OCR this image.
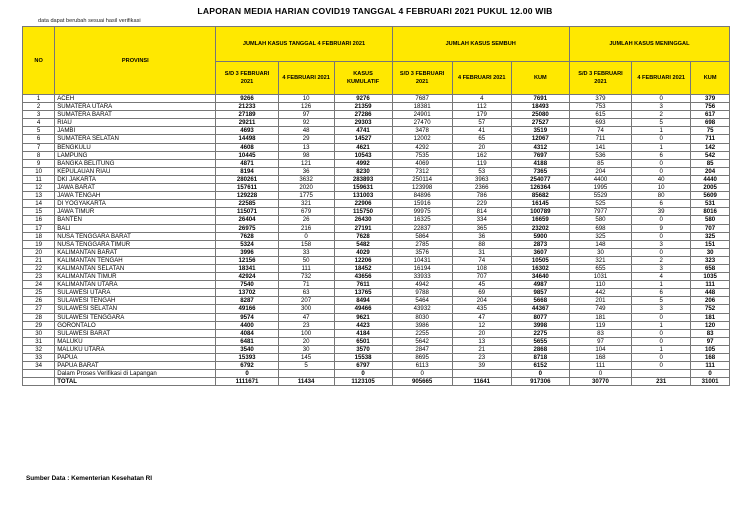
LAPORAN MEDIA HARIAN COVID19 TANGGAL 4 FEBRUARI 2021 PUKUL 12.00 WIB
data dapat berubah sesuai hasil verifikasi
NO	PROVINSI	JUMLAH KASUS TANGGAL 4 FEBRUARI 2021			JUMLAH KASUS SEMBUH			JUMLAH KASUS MENINGGAL		
		S/D 3 FEBRUARI 2021	4 FEBRUARI 2021	KASUS KUMULATIF	S/D 3 FEBRUARI 2021	4 FEBRUARI 2021	KUM	S/D 3 FEBRUARI 2021	4 FEBRUARI 2021	KUM
1	ACEH	9266	10	9276	7687	4	7691	379	0	379
2	SUMATERA UTARA	21233	126	21359	18381	112	18493	753	3	756
3	SUMATERA BARAT	27189	97	27286	24901	179	25080	615	2	617
4	RIAU	29211	92	29303	27470	57	27527	693	5	698
5	JAMBI	4693	48	4741	3478	41	3519	74	1	75
6	SUMATERA SELATAN	14498	29	14527	12002	65	12067	711	0	711
7	BENGKULU	4608	13	4621	4292	20	4312	141	1	142
8	LAMPUNG	10445	98	10543	7535	162	7697	536	6	542
9	BANGKA BELITUNG	4871	121	4992	4069	119	4188	85	0	85
10	KEPULAUAN RIAU	8194	36	8230	7312	53	7365	204	0	204
11	DKI JAKARTA	280261	3632	283893	250114	3963	254077	4400	40	4440
12	JAWA BARAT	157611	2020	159631	123998	2366	126364	1995	10	2005
13	JAWA TENGAH	129228	1775	131003	84896	786	85682	5529	80	5609
14	DI YOGYAKARTA	22585	321	22906	15916	229	16145	525	6	531
15	JAWA TIMUR	115071	679	115750	99975	814	100789	7977	39	8016
16	BANTEN	26404	26	26430	16325	334	16659	580	0	580
17	BALI	26975	216	27191	22837	365	23202	698	9	707
18	NUSA TENGGARA BARAT	7628	0	7628	5864	36	5900	325	0	325
19	NUSA TENGGARA TIMUR	5324	158	5482	2785	88	2873	148	3	151
20	KALIMANTAN BARAT	3996	33	4029	3576	31	3607	30	0	30
21	KALIMANTAN TENGAH	12156	50	12206	10431	74	10505	321	2	323
22	KALIMANTAN SELATAN	18341	111	18452	16194	108	16302	655	3	658
23	KALIMANTAN TIMUR	42924	732	43656	33933	707	34640	1031	4	1035
24	KALIMANTAN UTARA	7540	71	7611	4942	45	4987	110	1	111
25	SULAWESI UTARA	13702	63	13765	9788	69	9857	442	6	448
26	SULAWESI TENGAH	8287	207	8494	5464	204	5668	201	5	206
27	SULAWESI SELATAN	49166	300	49466	43932	435	44367	749	3	752
28	SULAWESI TENGGARA	9574	47	9621	8030	47	8077	181	0	181
29	GORONTALO	4400	23	4423	3986	12	3998	119	1	120
30	SULAWESI BARAT	4084	100	4184	2255	20	2275	83	0	83
31	MALUKU	6481	20	6501	5642	13	5655	97	0	97
32	MALUKU UTARA	3540	30	3570	2847	21	2868	104	1	105
33	PAPUA	15393	145	15538	8695	23	8718	168	0	168
34	PAPUA BARAT	6792	5	6797	6113	39	6152	111	0	111
	Dalam Proses Verifikasi di Lapangan	0		0	0		0	0		0
	TOTAL	1111671	11434	1123105	905665	11641	917306	30770	231	31001
Sumber Data : Kementerian Kesehatan RI
